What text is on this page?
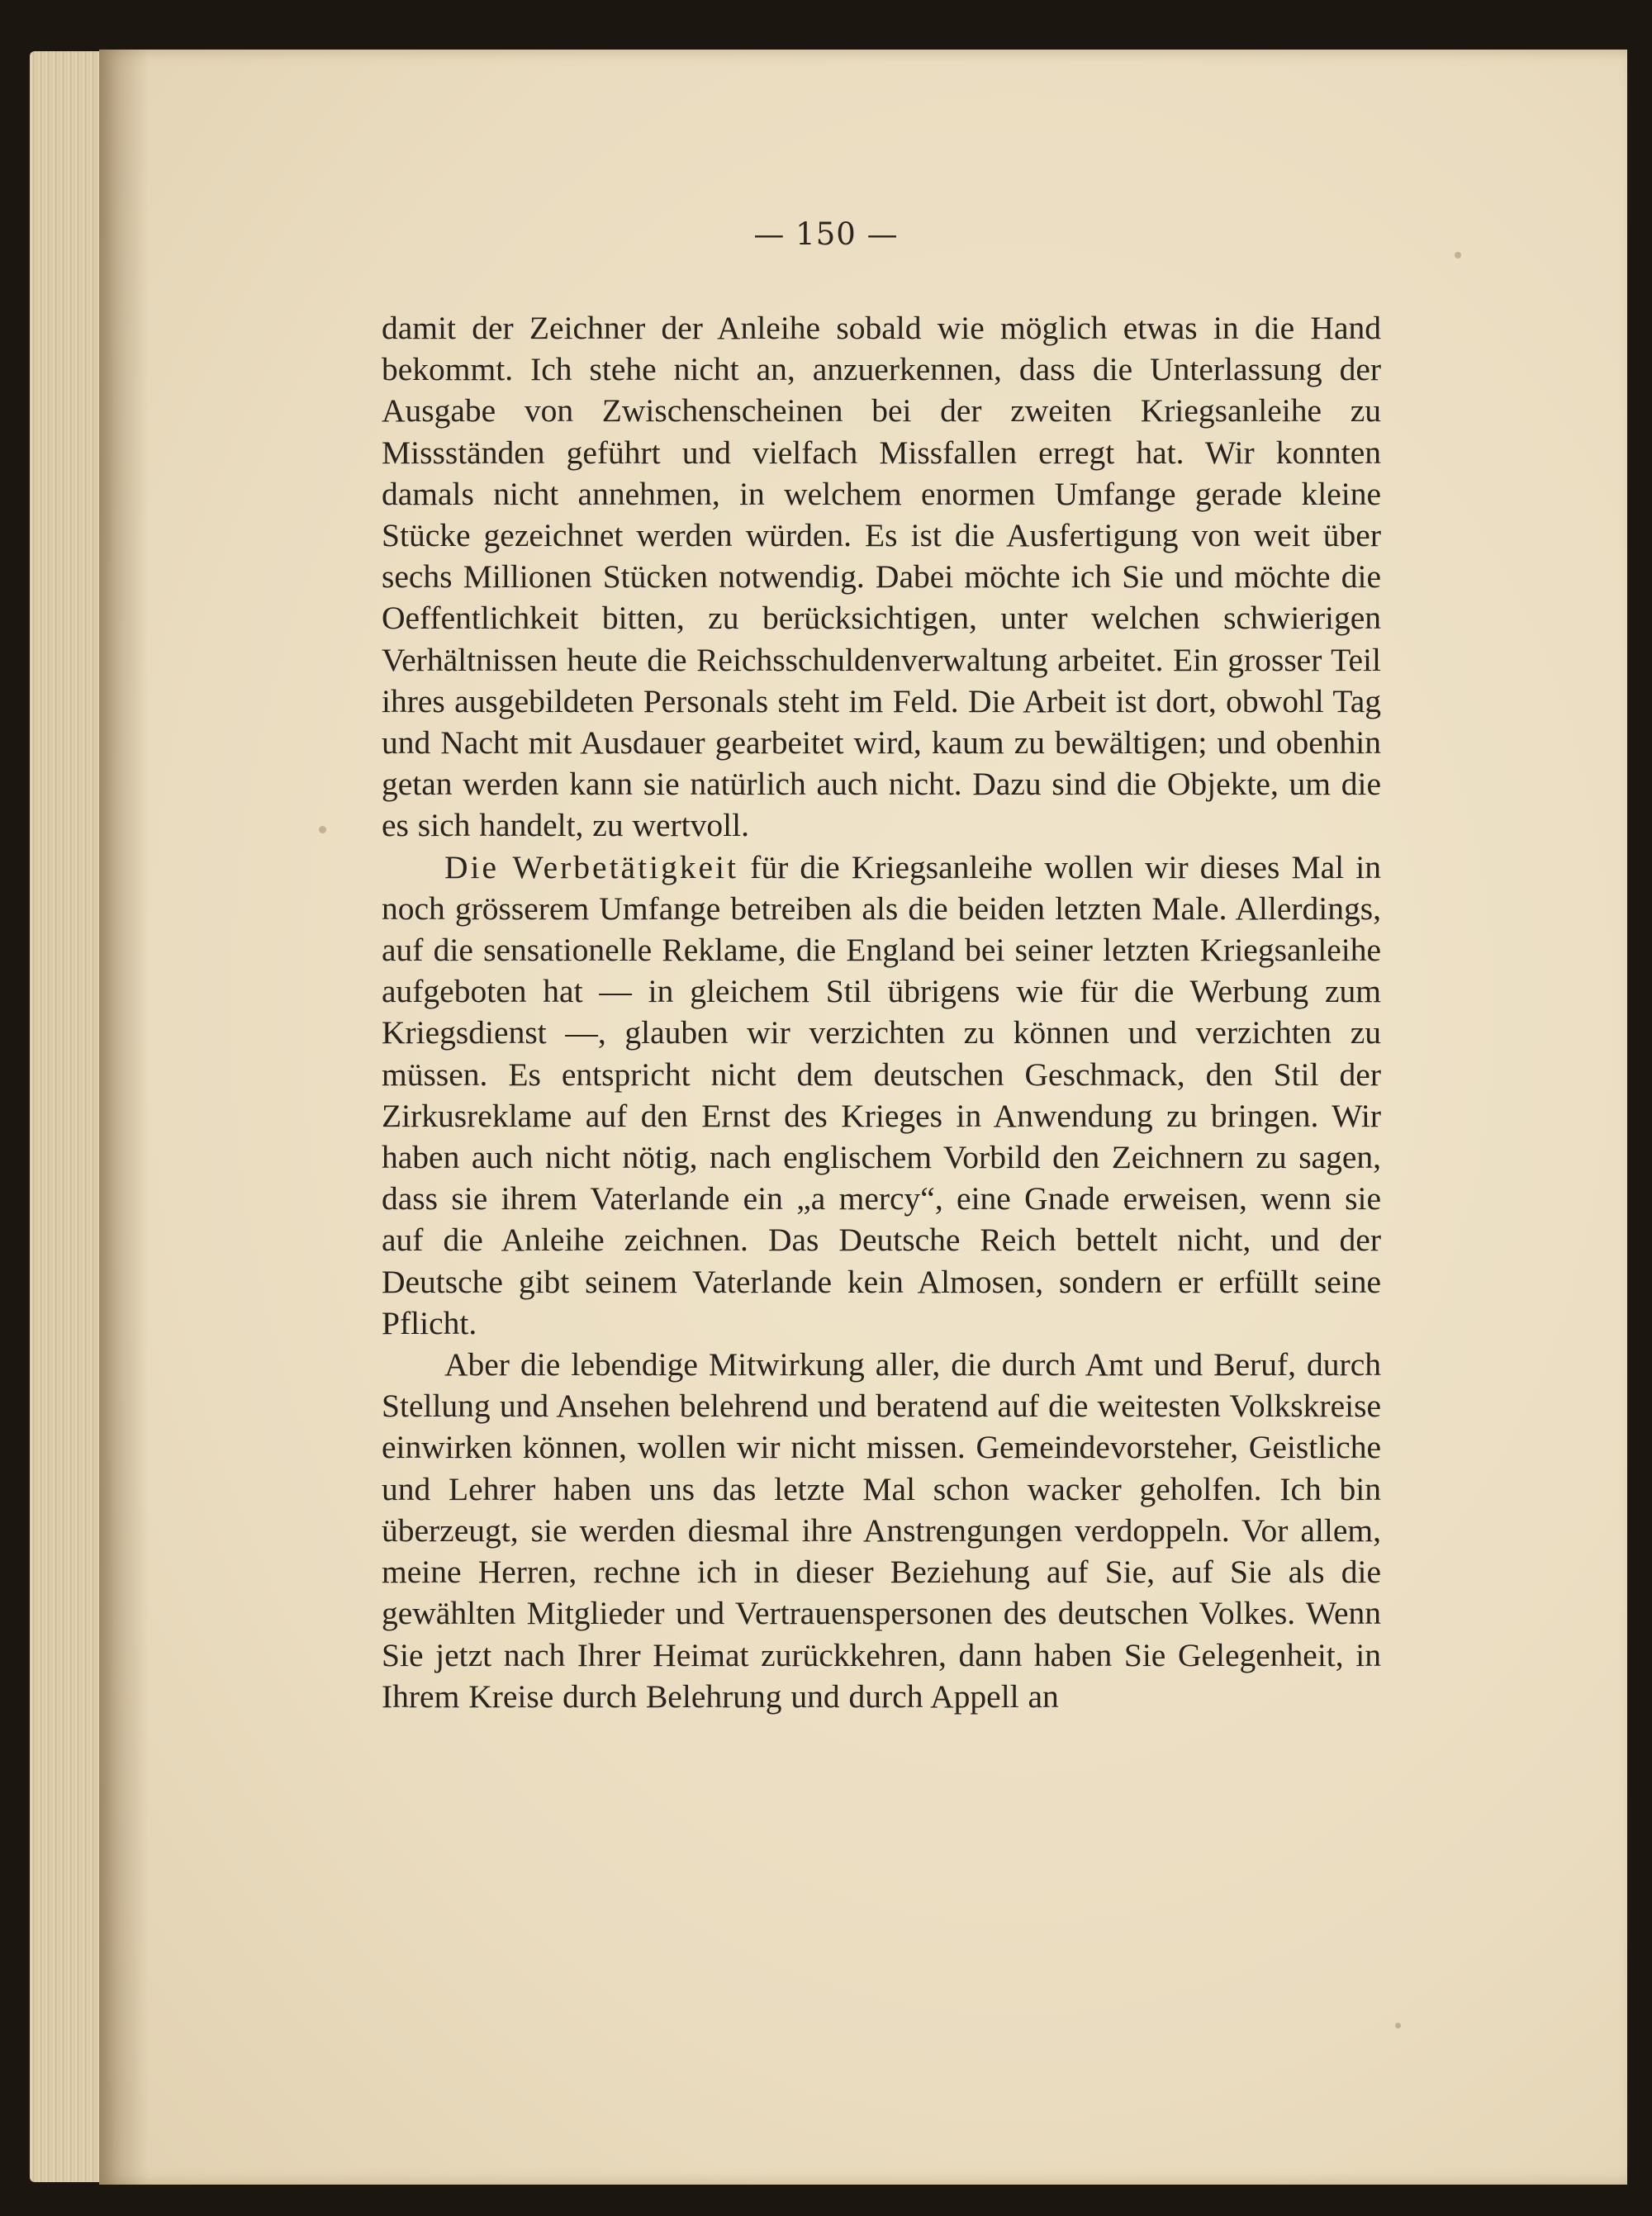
— 150 —

damit der Zeichner der Anleihe sobald wie möglich etwas in die Hand bekommt. Ich stehe nicht an, anzuerkennen, dass die Unterlassung der Ausgabe von Zwischenscheinen bei der zweiten Kriegsanleihe zu Missständen geführt und vielfach Missfallen erregt hat. Wir konnten damals nicht annehmen, in welchem enormen Umfange gerade kleine Stücke gezeichnet werden würden. Es ist die Ausfertigung von weit über sechs Millionen Stücken notwendig. Dabei möchte ich Sie und möchte die Oeffentlichkeit bitten, zu berücksichtigen, unter welchen schwierigen Verhältnissen heute die Reichsschuldenverwaltung arbeitet. Ein grosser Teil ihres ausgebildeten Personals steht im Feld. Die Arbeit ist dort, obwohl Tag und Nacht mit Ausdauer gearbeitet wird, kaum zu bewältigen; und obenhin getan werden kann sie natürlich auch nicht. Dazu sind die Objekte, um die es sich handelt, zu wertvoll.

Die Werbetätigkeit für die Kriegsanleihe wollen wir dieses Mal in noch grösserem Umfange betreiben als die beiden letzten Male. Allerdings, auf die sensationelle Reklame, die England bei seiner letzten Kriegsanleihe aufgeboten hat — in gleichem Stil übrigens wie für die Werbung zum Kriegsdienst —, glauben wir verzichten zu können und verzichten zu müssen. Es entspricht nicht dem deutschen Geschmack, den Stil der Zirkusreklame auf den Ernst des Krieges in Anwendung zu bringen. Wir haben auch nicht nötig, nach englischem Vorbild den Zeichnern zu sagen, dass sie ihrem Vaterlande ein „a mercy“, eine Gnade erweisen, wenn sie auf die Anleihe zeichnen. Das Deutsche Reich bettelt nicht, und der Deutsche gibt seinem Vaterlande kein Almosen, sondern er erfüllt seine Pflicht.

Aber die lebendige Mitwirkung aller, die durch Amt und Beruf, durch Stellung und Ansehen belehrend und beratend auf die weitesten Volkskreise einwirken können, wollen wir nicht missen. Gemeindevorsteher, Geistliche und Lehrer haben uns das letzte Mal schon wacker geholfen. Ich bin überzeugt, sie werden diesmal ihre Anstrengungen verdoppeln. Vor allem, meine Herren, rechne ich in dieser Beziehung auf Sie, auf Sie als die gewählten Mitglieder und Vertrauenspersonen des deutschen Volkes. Wenn Sie jetzt nach Ihrer Heimat zurückkehren, dann haben Sie Gelegenheit, in Ihrem Kreise durch Belehrung und durch Appell an
